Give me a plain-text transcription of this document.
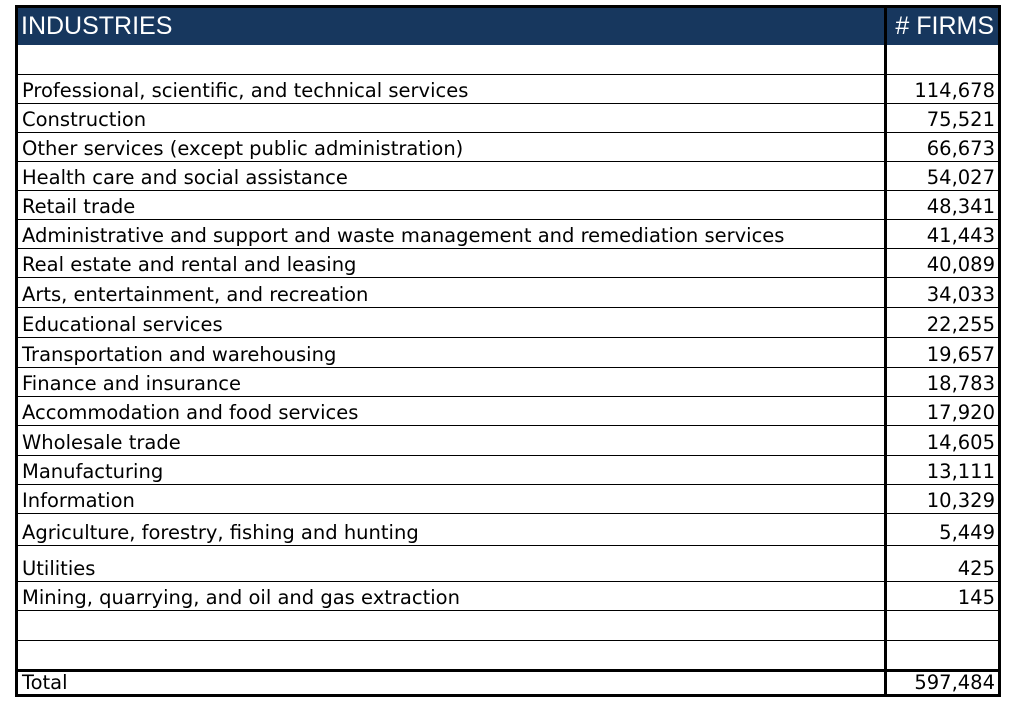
INDUSTRIES	# FIRMS
Professional, scientific, and technical services	114,678
Construction	75,521
Other services (except public administration)	66,673
Health care and social assistance	54,027
Retail trade	48,341
Administrative and support and waste management and remediation services	41,443
Real estate and rental and leasing	40,089
Arts, entertainment, and recreation	34,033
Educational services	22,255
Transportation and warehousing	19,657
Finance and insurance	18,783
Accommodation and food services	17,920
Wholesale trade	14,605
Manufacturing	13,111
Information	10,329
Agriculture, forestry, fishing and hunting	5,449
Utilities	425
Mining, quarrying, and oil and gas extraction	145
Total	597,484
